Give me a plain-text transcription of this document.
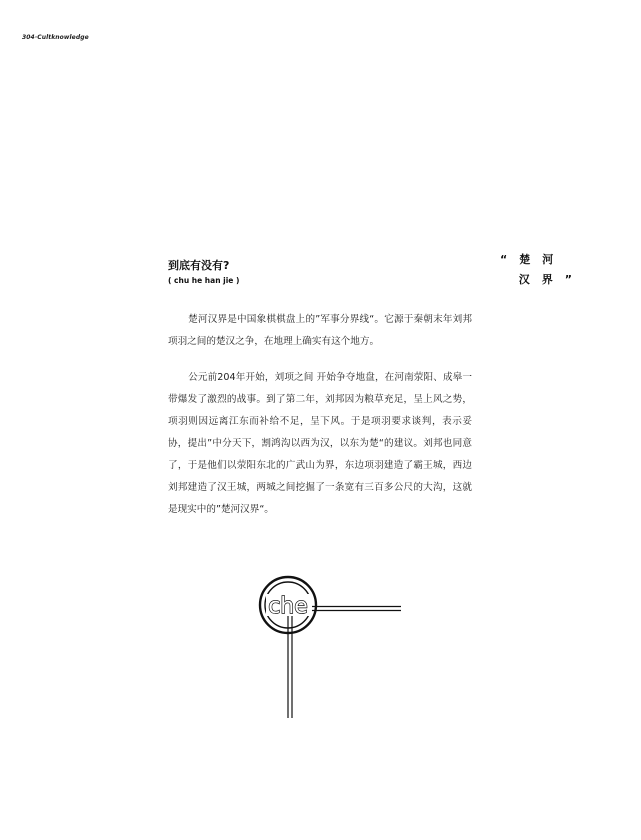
304·Cultknowledge
到底有没有?
( chu he han jie )
“楚河
汉界”

楚河汉界是中国象棋棋盘上的”军事分界线“。它源于秦朝末年刘邦项羽之间的楚汉之争，在地理上确实有这个地方。

公元前204年开始，刘项之间 开始争夺地盘，在河南荥阳、成皋一带爆发了激烈的战事。到了第二年，刘邦因为粮草充足，呈上风之势，项羽则因远离江东而补给不足，呈下风。于是项羽要求谈判，表示妥协，提出”中分天下，割鸿沟以西为汉，以东为楚“的建议。刘邦也同意了，于是他们以荥阳东北的广武山为界，东边项羽建造了霸王城，西边刘邦建造了汉王城，两城之间挖掘了一条宽有三百多公尺的大沟，这就是现实中的”楚河汉界“。

che
